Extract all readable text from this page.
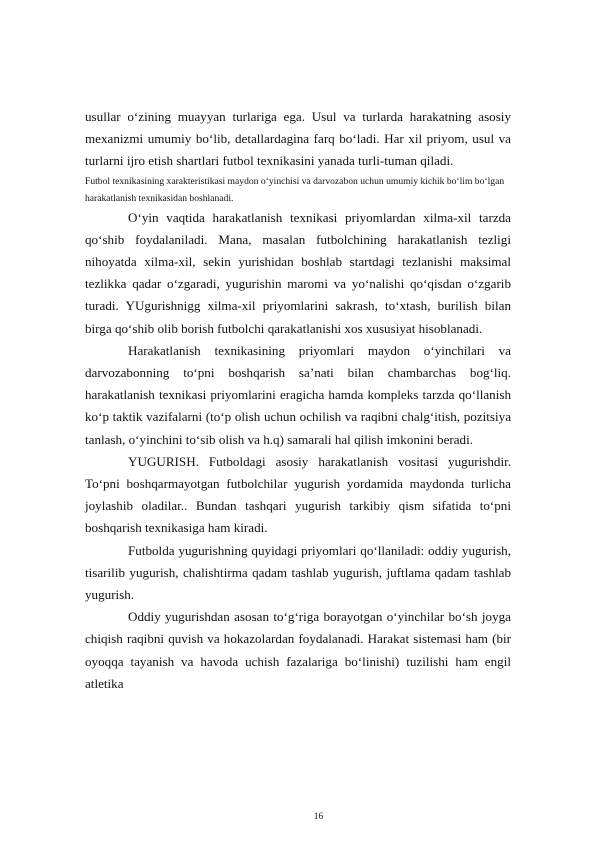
usullar o‘zining muayyan turlariga ega. Usul va turlarda harakatning asosiy mexanizmi umumiy bo‘lib, detallardagina farq bo‘ladi. Har xil priyom, usul va turlarni ijro etish shartlari futbol texnikasini yanada turli-tuman qiladi.

Futbol texnikasining xarakteristikasi maydon o‘yinchisi va darvozabon uchun umumiy kichik bo‘lim bo‘lgan harakatlanish texnikasidan boshlanadi.

O‘yin vaqtida harakatlanish texnikasi priyomlardan xilma-xil tarzda qo‘shib foydalaniladi. Mana, masalan futbolchining harakatlanish tezligi nihoyatda xilma-xil, sekin yurishidan boshlab startdagi tezlanishi maksimal tezlikka qadar o‘zgaradi, yugurishin maromi va yo‘nalishi qo‘qisdan o‘zgarib turadi. YUgurishnigg xilma-xil priyomlarini sakrash, to‘xtash, burilish bilan birga qo‘shib olib borish futbolchi qarakatlanishi xos xususiyat hisoblanadi.

Harakatlanish texnikasining priyomlari maydon o‘yinchilari va darvozabonning to‘pni boshqarish sa’nati bilan chambarchas bog‘liq. harakatlanish texnikasi priyomlarini eragicha hamda kompleks tarzda qo‘llanish ko‘p taktik vazifalarni (to‘p olish uchun ochilish va raqibni chalg‘itish, pozitsiya tanlash, o‘yinchini to‘sib olish va h.q) samarali hal qilish imkonini beradi.

YUGURISH. Futboldagi asosiy harakatlanish vositasi yugurishdir. To‘pni boshqarmayotgan futbolchilar yugurish yordamida maydonda turlicha joylashib oladilar.. Bundan tashqari yugurish tarkibiy qism sifatida to‘pni boshqarish texnikasiga ham kiradi.

Futbolda yugurishning quyidagi priyomlari qo‘llaniladi: oddiy yugurish, tisarilib yugurish, chalishtirma qadam tashlab yugurish, juftlama qadam tashlab yugurish.

Oddiy yugurishdan asosan to‘g‘riga borayotgan o‘yinchilar bo‘sh joyga chiqish raqibni quvish va hokazolardan foydalanadi. Harakat sistemasi ham (bir oyoqqa tayanish va havoda uchish fazalariga bo‘linishi) tuzilishi ham engil atletika

16
